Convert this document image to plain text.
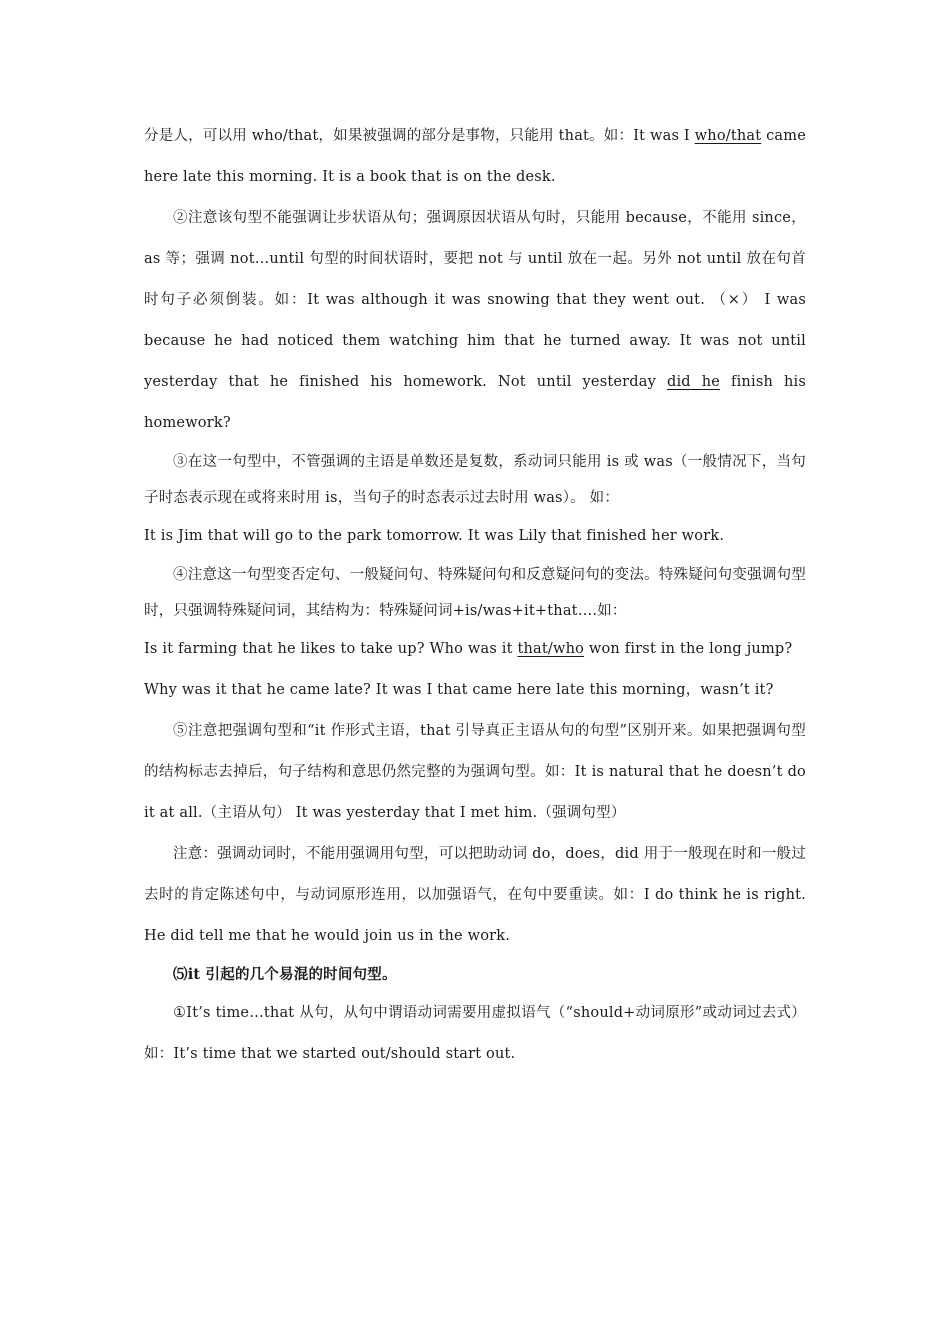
分是人，可以用 who/that，如果被强调的部分是事物，只能用 that。如：It was I who/that came here late this morning. It is a book that is on the desk.

②注意该句型不能强调让步状语从句；强调原因状语从句时，只能用 because，不能用 since，as 等；强调 not…until 句型的时间状语时，要把 not 与 until 放在一起。另外 not until 放在句首时句子必须倒装。如：It was although it was snowing that they went out. （×） I was because he had noticed them watching him that he turned away. It was not until yesterday that he finished his homework. Not until yesterday did he finish his homework?

③在这一句型中，不管强调的主语是单数还是复数，系动词只能用 is 或 was（一般情况下，当句子时态表示现在或将来时用 is，当句子的时态表示过去时用 was）。 如：

It is Jim that will go to the park tomorrow. It was Lily that finished her work.

④注意这一句型变否定句、一般疑问句、特殊疑问句和反意疑问句的变法。特殊疑问句变强调句型时，只强调特殊疑问词，其结构为：特殊疑问词+is/was+it+that….如：

Is it farming that he likes to take up? Who was it that/who won first in the long jump?

Why was it that he came late? It was I that came here late this morning，wasn’t it?

⑤注意把强调句型和“it 作形式主语，that 引导真正主语从句的句型”区别开来。如果把强调句型的结构标志去掉后，句子结构和意思仍然完整的为强调句型。如：It is natural that he doesn’t do it at all.（主语从句） It was yesterday that I met him.（强调句型）

注意：强调动词时，不能用强调用句型，可以把助动词 do，does，did 用于一般现在时和一般过去时的肯定陈述句中，与动词原形连用，以加强语气，在句中要重读。如：I do think he is right. He did tell me that he would join us in the work.

⑸it 引起的几个易混的时间句型。

①It’s time…that 从句，从句中谓语动词需要用虚拟语气（“should+动词原形”或动词过去式）如：It’s time that we started out/should start out.
